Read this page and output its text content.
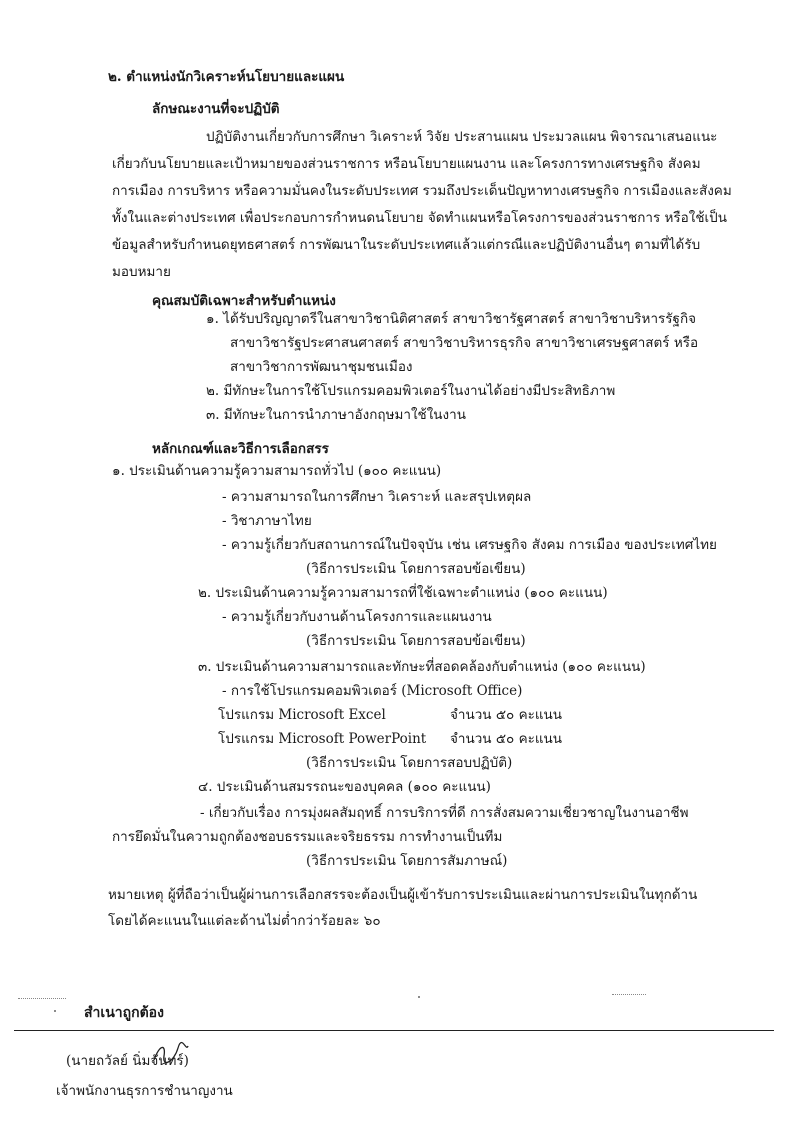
๒. ตำแหน่งนักวิเคราะห์นโยบายและแผน
ลักษณะงานที่จะปฏิบัติ
ปฏิบัติงานเกี่ยวกับการศึกษา วิเคราะห์ วิจัย ประสานแผน ประมวลแผน พิจารณาเสนอแนะ
เกี่ยวกับนโยบายและเป้าหมายของส่วนราชการ หรือนโยบายแผนงาน และโครงการทางเศรษฐกิจ สังคม
การเมือง การบริหาร หรือความมั่นคงในระดับประเทศ รวมถึงประเด็นปัญหาทางเศรษฐกิจ การเมืองและสังคม
ทั้งในและต่างประเทศ เพื่อประกอบการกำหนดนโยบาย จัดทำแผนหรือโครงการของส่วนราชการ หรือใช้เป็น
ข้อมูลสำหรับกำหนดยุทธศาสตร์ การพัฒนาในระดับประเทศแล้วแต่กรณีและปฏิบัติงานอื่นๆ ตามที่ได้รับ
มอบหมาย
คุณสมบัติเฉพาะสำหรับตำแหน่ง
๑. ได้รับปริญญาตรีในสาขาวิชานิติศาสตร์ สาขาวิชารัฐศาสตร์ สาขาวิชาบริหารรัฐกิจ
สาขาวิชารัฐประศาสนศาสตร์ สาขาวิชาบริหารธุรกิจ สาขาวิชาเศรษฐศาสตร์ หรือ
สาขาวิชาการพัฒนาชุมชนเมือง
๒. มีทักษะในการใช้โปรแกรมคอมพิวเตอร์ในงานได้อย่างมีประสิทธิภาพ
๓. มีทักษะในการนำภาษาอังกฤษมาใช้ในงาน
หลักเกณฑ์และวิธีการเลือกสรร
๑. ประเมินด้านความรู้ความสามารถทั่วไป (๑๐๐ คะแนน)
- ความสามารถในการศึกษา วิเคราะห์ และสรุปเหตุผล
- วิชาภาษาไทย
- ความรู้เกี่ยวกับสถานการณ์ในปัจจุบัน เช่น เศรษฐกิจ สังคม การเมือง ของประเทศไทย
(วิธีการประเมิน โดยการสอบข้อเขียน)
๒. ประเมินด้านความรู้ความสามารถที่ใช้เฉพาะตำแหน่ง (๑๐๐ คะแนน)
- ความรู้เกี่ยวกับงานด้านโครงการและแผนงาน
(วิธีการประเมิน โดยการสอบข้อเขียน)
๓. ประเมินด้านความสามารถและทักษะที่สอดคล้องกับตำแหน่ง (๑๐๐ คะแนน)
- การใช้โปรแกรมคอมพิวเตอร์ (Microsoft Office)
โปรแกรม Microsoft Excel	จำนวน ๕๐ คะแนน
โปรแกรม Microsoft PowerPoint จำนวน ๕๐ คะแนน
(วิธีการประเมิน โดยการสอบปฏิบัติ)
๔. ประเมินด้านสมรรถนะของบุคคล (๑๐๐ คะแนน)
- เกี่ยวกับเรื่อง การมุ่งผลสัมฤทธิ์ การบริการที่ดี การสั่งสมความเชี่ยวชาญในงานอาชีพ
การยึดมั่นในความถูกต้องชอบธรรมและจริยธรรม การทำงานเป็นทีม
(วิธีการประเมิน โดยการสัมภาษณ์)
หมายเหตุ ผู้ที่ถือว่าเป็นผู้ผ่านการเลือกสรรจะต้องเป็นผู้เข้ารับการประเมินและผ่านการประเมินในทุกด้าน
โดยได้คะแนนในแต่ละด้านไม่ต่ำกว่าร้อยละ ๖๐
สำเนาถูกต้อง
(นายถวัลย์ นิ่มจันทร์)
เจ้าพนักงานธุรการชำนาญงาน
